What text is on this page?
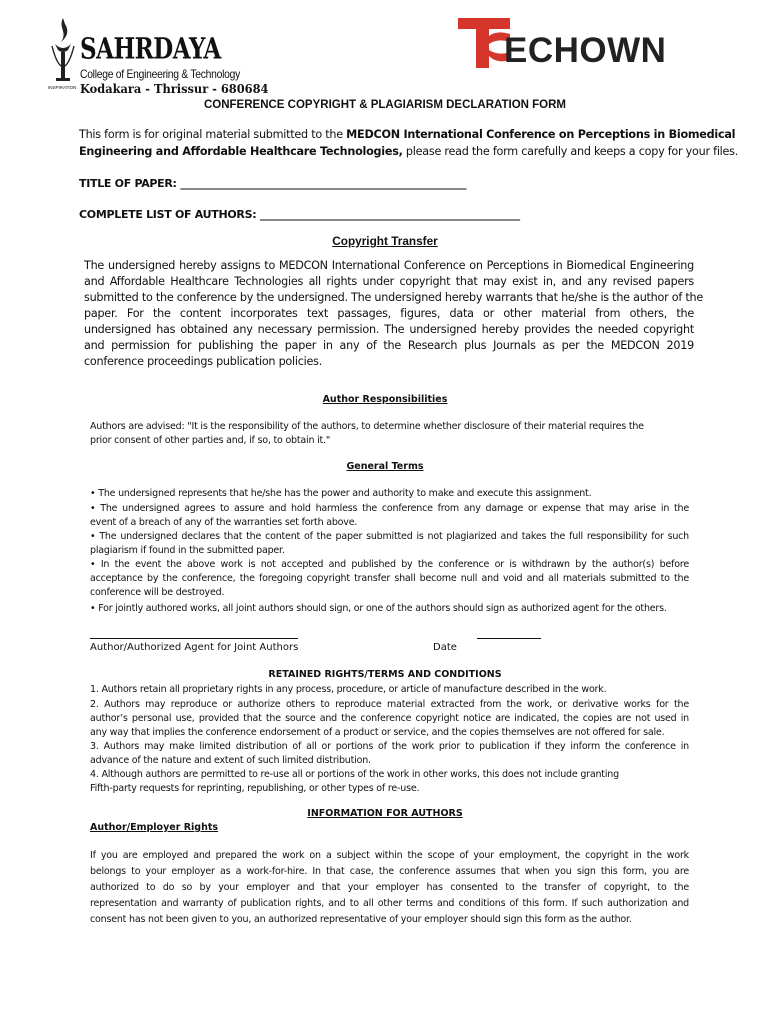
SAHRDAYA
College of Engineering & Technology
INSPIRATION Kodakara - Thrissur - 680684
ECHOWN
CONFERENCE COPYRIGHT & PLAGIARISM DECLARATION FORM
This form is for original material submitted to the MEDCON International Conference on Perceptions in Biomedical
Engineering and Affordable Healthcare Technologies, please read the form carefully and keeps a copy for your files.
TITLE OF PAPER: _______________________________________________________
COMPLETE LIST OF AUTHORS: __________________________________________________
Copyright Transfer
The undersigned hereby assigns to MEDCON International Conference on Perceptions in Biomedical Engineering
and Affordable Healthcare Technologies all rights under copyright that may exist in, and any revised papers
submitted to the conference by the undersigned. The undersigned hereby warrants that he/she is the author of the
paper. For the content incorporates text passages, figures, data or other material from others, the
undersigned has obtained any necessary permission. The undersigned hereby provides the needed copyright
and permission for publishing the paper in any of the Research plus Journals as per the MEDCON 2019
conference proceedings publication policies.
Author Responsibilities
Authors are advised: "It is the responsibility of the authors, to determine whether disclosure of their material requires the
prior consent of other parties and, if so, to obtain it."
General Terms
• The undersigned represents that he/she has the power and authority to make and execute this assignment.
• The undersigned agrees to assure and hold harmless the conference from any damage or expense that may arise in the
event of a breach of any of the warranties set forth above.
• The undersigned declares that the content of the paper submitted is not plagiarized and takes the full responsibility for such
plagiarism if found in the submitted paper.
• In the event the above work is not accepted and published by the conference or is withdrawn by the author(s) before
acceptance by the conference, the foregoing copyright transfer shall become null and void and all materials submitted to the
conference will be destroyed.
• For jointly authored works, all joint authors should sign, or one of the authors should sign as authorized agent for the others.
Author/Authorized Agent for Joint Authors	Date
RETAINED RIGHTS/TERMS AND CONDITIONS
1. Authors retain all proprietary rights in any process, procedure, or article of manufacture described in the work.
2. Authors may reproduce or authorize others to reproduce material extracted from the work, or derivative works for the
author’s personal use, provided that the source and the conference copyright notice are indicated, the copies are not used in
any way that implies the conference endorsement of a product or service, and the copies themselves are not offered for sale.
3. Authors may make limited distribution of all or portions of the work prior to publication if they inform the conference in
advance of the nature and extent of such limited distribution.
4. Although authors are permitted to re-use all or portions of the work in other works, this does not include granting
Fifth-party requests for reprinting, republishing, or other types of re-use.
INFORMATION FOR AUTHORS
Author/Employer Rights
If you are employed and prepared the work on a subject within the scope of your employment, the copyright in the work
belongs to your employer as a work-for-hire. In that case, the conference assumes that when you sign this form, you are
authorized to do so by your employer and that your employer has consented to the transfer of copyright, to the
representation and warranty of publication rights, and to all other terms and conditions of this form. If such authorization and
consent has not been given to you, an authorized representative of your employer should sign this form as the author.
